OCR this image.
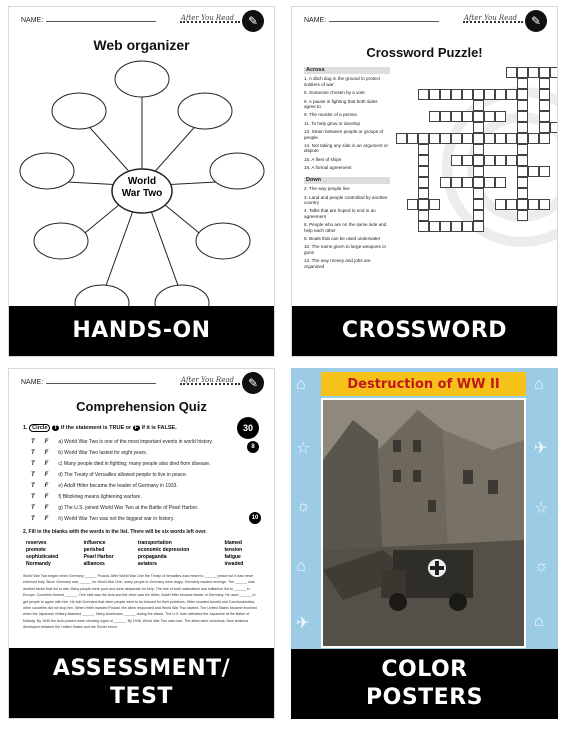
NAME:	After You Read	✎
Web organizer
World
War Two
HANDS-ON
NAME:	After You Read	✎
Crossword Puzzle!
Across
1. A ditch dug in the ground to protect soldiers of war
5. Someone chosen by a vote
6. A pause in fighting that both sides agree to
9. The murder of a person
11. To help grow or develop
13. Strain between people or groups of people
14. Not taking any side in an argument or dispute
15. A fleet of ships
16. A formal agreement
Down
2. The way people live
3. Land and people controlled by another country
4. Talks that are hoped to end in an agreement
6. People who are on the same side and help each other
8. Boats that can be used underwater
10. The name given to large weapons or guns
12. The way money and jobs are organized
CROSSWORD
NAME:	After You Read	✎
Comprehension Quiz
30
8
10
1. Circle T if the statement is TRUE or F if it is FALSE.
T F a) World War Two is one of the most important events in world history.
T F b) World War Two lasted for eight years.
T F c) Many people died in fighting; many people also died from disease.
T F d) The Treaty of Versailles allowed people to live in peace.
T F e) Adolf Hitler became the leader of Germany in 1933.
T F f) Blitzkrieg means lightening warfare.
T F g) The U.S. joined World War Two at the Battle of Pearl Harbor.
T F h) World War Two was not the biggest war in history.
2. Fill in the blanks with the words in the list. There will be six words left over.
reserves	influence	transportation	blamed
premote	perished	economic depression	tension
sophisticated	Pearl Harbor	propaganda	fatigue
Normandy	alliances	aviators	invaded
World War Two began when Germany ______ Poland. After World War One the Treaty of Versailles was meant to ______ peace but it was never enforced fully. Since Germany was ______ for World War One, many people in Germany were angry. Germany wanted revenge. The ______ was another factor that led to war. Many people were poor and were desperate for help. The rise of both nationalism and militarism led to ______ in Europe. Countries formed ______. One side was the Axis and the other was the Allies. Adolf Hitler became leader of Germany. He used ______ to get people to agree with him. He told Germans that other people were to be blamed for their problems. Hitler invaded Austria and Czechoslovakia; other countries did not stop him. When Hitler invaded Poland, the allies responded and World War Two started. The United States became involved when the Japanese military attacked ______. Many Americans ______ during the attack. The U.S. then defeated the Japanese at the Battle of Midway. By 1945 the Axis powers were showing signs of ______. By 1945, World War Two was over. The allies were victorious. New tensions developed between the United States and the Soviet Union.
ASSESSMENT/
TEST
⌂
☆
☼
⌂
✈
⌂
✈
☆
☼
⌂
Destruction of WW II
COLOR
POSTERS
